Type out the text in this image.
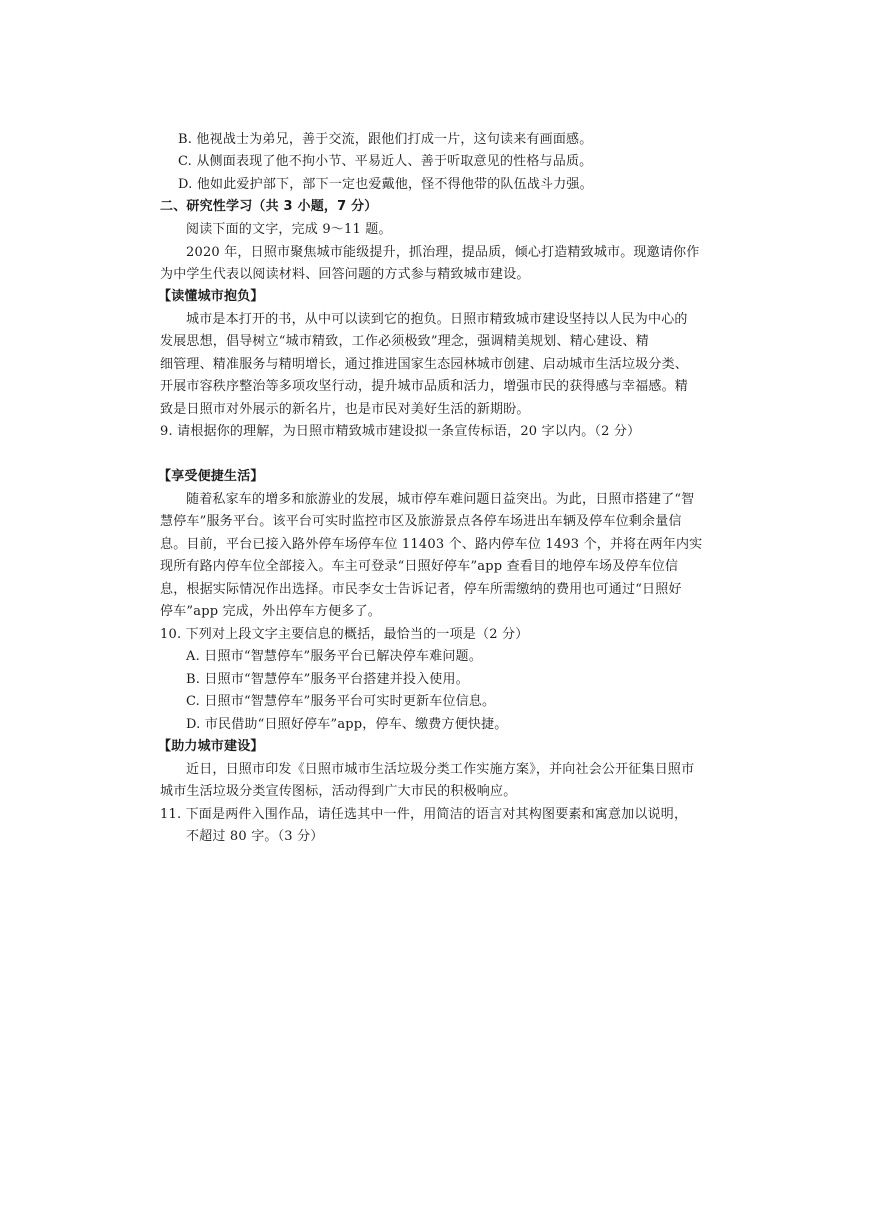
B. 他视战士为弟兄，善于交流，跟他们打成一片，这句读来有画面感。
C. 从侧面表现了他不拘小节、平易近人、善于听取意见的性格与品质。
D. 他如此爱护部下，部下一定也爱戴他，怪不得他带的队伍战斗力强。
二、研究性学习（共 3 小题，7 分）
阅读下面的文字，完成 9～11 题。
2020 年，日照市聚焦城市能级提升，抓治理，提品质，倾心打造精致城市。现邀请你作
为中学生代表以阅读材料、回答问题的方式参与精致城市建设。
【读懂城市抱负】
城市是本打开的书，从中可以读到它的抱负。日照市精致城市建设坚持以人民为中心的
发展思想，倡导树立“城市精致，工作必须极致”理念，强调精美规划、精心建设、精
细管理、精准服务与精明增长，通过推进国家生态园林城市创建、启动城市生活垃圾分类、
开展市容秩序整治等多项攻坚行动，提升城市品质和活力，增强市民的获得感与幸福感。精
致是日照市对外展示的新名片，也是市民对美好生活的新期盼。
9. 请根据你的理解，为日照市精致城市建设拟一条宣传标语，20 字以内。（2 分）
【享受便捷生活】
随着私家车的增多和旅游业的发展，城市停车难问题日益突出。为此，日照市搭建了“智
慧停车”服务平台。该平台可实时监控市区及旅游景点各停车场进出车辆及停车位剩余量信
息。目前，平台已接入路外停车场停车位 11403 个、路内停车位 1493 个，并将在两年内实
现所有路内停车位全部接入。车主可登录“日照好停车”app 查看目的地停车场及停车位信
息，根据实际情况作出选择。市民李女士告诉记者，停车所需缴纳的费用也可通过“日照好
停车”app 完成，外出停车方便多了。
10. 下列对上段文字主要信息的概括，最恰当的一项是（2 分）
A. 日照市“智慧停车”服务平台已解决停车难问题。
B. 日照市“智慧停车”服务平台搭建并投入使用。
C. 日照市“智慧停车”服务平台可实时更新车位信息。
D. 市民借助“日照好停车”app，停车、缴费方便快捷。
【助力城市建设】
近日，日照市印发《日照市城市生活垃圾分类工作实施方案》，并向社会公开征集日照市
城市生活垃圾分类宣传图标，活动得到广大市民的积极响应。
11. 下面是两件入围作品，请任选其中一件，用简洁的语言对其构图要素和寓意加以说明，
不超过 80 字。（3 分）
